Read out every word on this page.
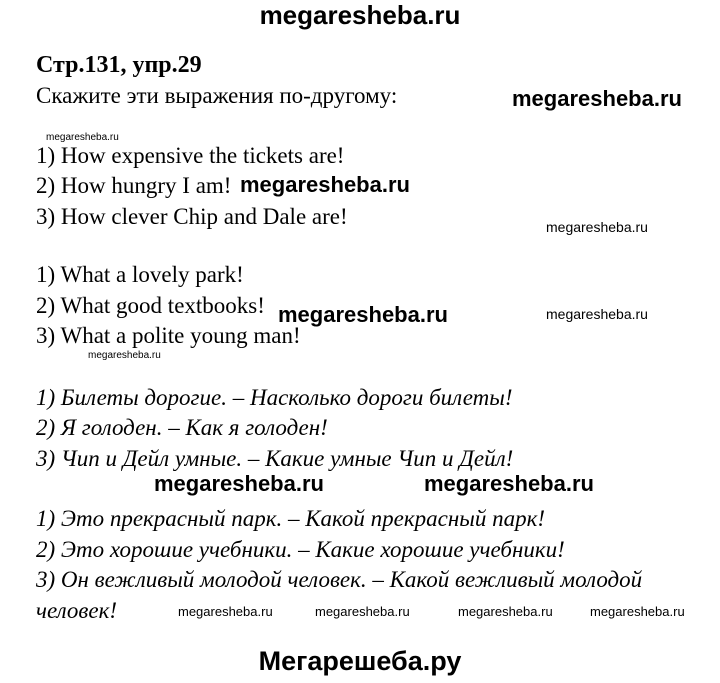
megaresheba.ru
Стр.131, упр.29
Скажите эти выражения по-другому:	megaresheba.ru
megaresheba.ru
1) How expensive the tickets are!
2) How hungry I am! megaresheba.ru
3) How clever Chip and Dale are!	megaresheba.ru
1) What a lovely park!
2) What good textbooks! megaresheba.ru	megaresheba.ru
3) What a polite young man!
megaresheba.ru
1) Билеты дорогие. – Насколько дороги билеты!
2) Я голоден. – Как я голоден!
3) Чип и Дейл умные. – Какие умные Чип и Дейл!
megaresheba.ru	megaresheba.ru
1) Это прекрасный парк. – Какой прекрасный парк!
2) Это хорошие учебники. – Какие хорошие учебники!
3) Он вежливый молодой человек. – Какой вежливый молодой
человек!	megaresheba.ru	megaresheba.ru	megaresheba.ru	megaresheba.ru
Мегарешеба.ру
